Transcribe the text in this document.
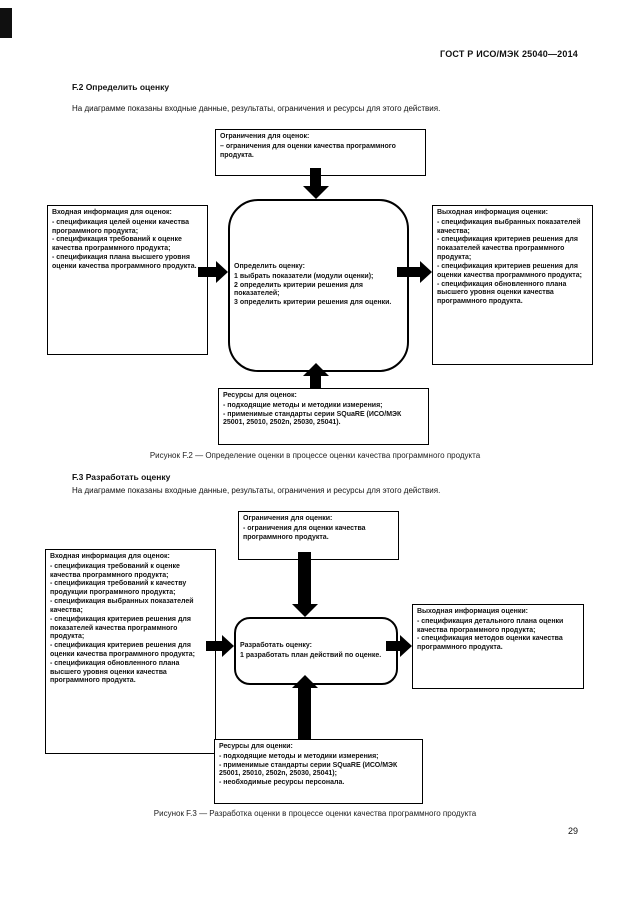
ГОСТ Р ИСО/МЭК 25040—2014
F.2 Определить оценку
На диаграмме показаны входные данные, результаты, ограничения и ресурсы для этого действия.
Ограничения для оценок:
– ограничения для оценки качества программного продукта.
Входная информация для оценок:
- спецификация целей оценки качества программного продукта;
- спецификация требований к оценке качества программного продукта;
- спецификация плана высшего уровня оценки качества программного продукта.	Определить оценку:
1 выбрать показатели (модули оценки);
2 определить критерии решения для показателей;
3 определить критерии решения для оценки.
Выходная информация оценки:
- спецификация выбранных показателей качества;
- спецификация критериев решения для показателей качества программного продукта;
- спецификация критериев решения для оценки качества программного продукта;
- спецификация обновленного плана высшего уровня оценки качества программного продукта.
Ресурсы для оценок:
- подходящие методы и методики измерения;
- применимые стандарты серии SQuaRE (ИСО/МЭК 25001, 25010, 2502n, 25030, 25041).
Рисунок F.2 — Определение оценки в процессе оценки качества программного продукта
F.3 Разработать оценку
На диаграмме показаны входные данные, результаты, ограничения и ресурсы для этого действия.
Ограничения для оценки:
- ограничения для оценки качества программного продукта.
Входная информация для оценок:
- спецификация требований к оценке качества программного продукта;
- спецификация требований к качеству продукции программного продукта;
- спецификация выбранных показателей качества;
- спецификация критериев решения для показателей качества программного продукта;
- спецификация критериев решения для оценки качества программного продукта;
- спецификация обновленного плана высшего уровня оценки качества программного продукта.
Разработать оценку:
1 разработать план действий по оценке.
Выходная информация оценки:
- спецификация детального плана оценки качества программного продукта;
- спецификация методов оценки качества программного продукта.
Ресурсы для оценки:
- подходящие методы и методики измерения;
- применимые стандарты серии SQuaRE (ИСО/МЭК 25001, 25010, 2502n, 25030, 25041);
- необходимые ресурсы персонала.
Рисунок F.3 — Разработка оценки в процессе оценки качества программного продукта
29
